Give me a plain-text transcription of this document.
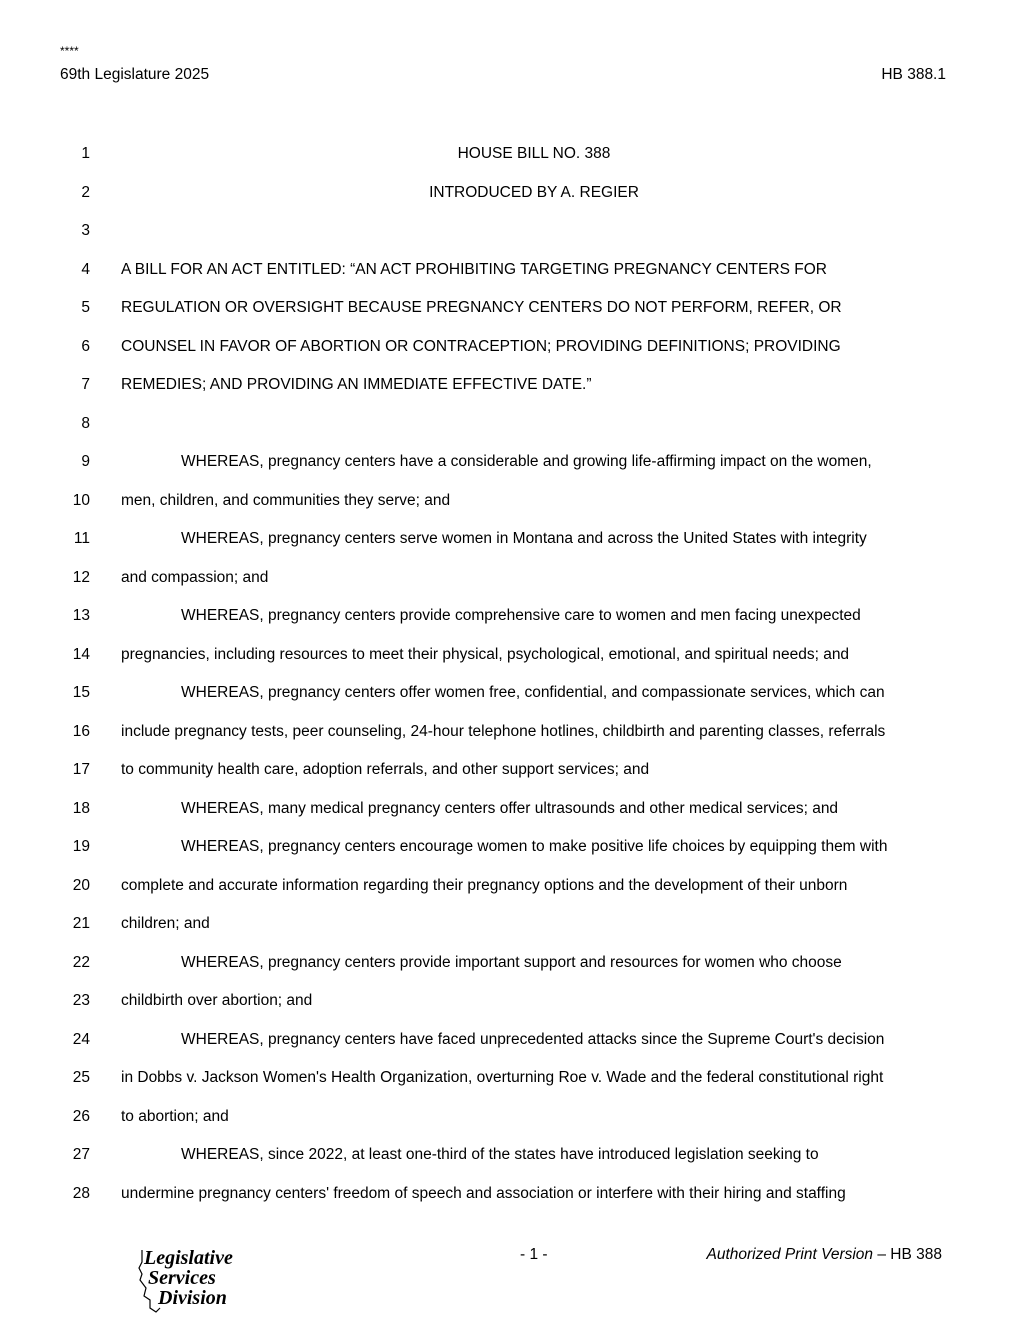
****
69th Legislature 2025	HB 388.1
1	HOUSE BILL NO. 388
2	INTRODUCED BY A. REGIER
3
4 A BILL FOR AN ACT ENTITLED: “AN ACT PROHIBITING TARGETING PREGNANCY CENTERS FOR
5 REGULATION OR OVERSIGHT BECAUSE PREGNANCY CENTERS DO NOT PERFORM, REFER, OR
6 COUNSEL IN FAVOR OF ABORTION OR CONTRACEPTION; PROVIDING DEFINITIONS; PROVIDING
7 REMEDIES; AND PROVIDING AN IMMEDIATE EFFECTIVE DATE.”
8
9	WHEREAS, pregnancy centers have a considerable and growing life-affirming impact on the women,
10 men, children, and communities they serve; and
11	WHEREAS, pregnancy centers serve women in Montana and across the United States with integrity
12 and compassion; and
13	WHEREAS, pregnancy centers provide comprehensive care to women and men facing unexpected
14 pregnancies, including resources to meet their physical, psychological, emotional, and spiritual needs; and
15	WHEREAS, pregnancy centers offer women free, confidential, and compassionate services, which can
16 include pregnancy tests, peer counseling, 24-hour telephone hotlines, childbirth and parenting classes, referrals
17 to community health care, adoption referrals, and other support services; and
18	WHEREAS, many medical pregnancy centers offer ultrasounds and other medical services; and
19	WHEREAS, pregnancy centers encourage women to make positive life choices by equipping them with
20 complete and accurate information regarding their pregnancy options and the development of their unborn
21 children; and
22	WHEREAS, pregnancy centers provide important support and resources for women who choose
23 childbirth over abortion; and
24	WHEREAS, pregnancy centers have faced unprecedented attacks since the Supreme Court's decision
25 in Dobbs v. Jackson Women's Health Organization, overturning Roe v. Wade and the federal constitutional right
26 to abortion; and
27	WHEREAS, since 2022, at least one-third of the states have introduced legislation seeking to
28 undermine pregnancy centers' freedom of speech and association or interfere with their hiring and staffing
- 1 -	Authorized Print Version – HB 388
Legislative
Services
Division
